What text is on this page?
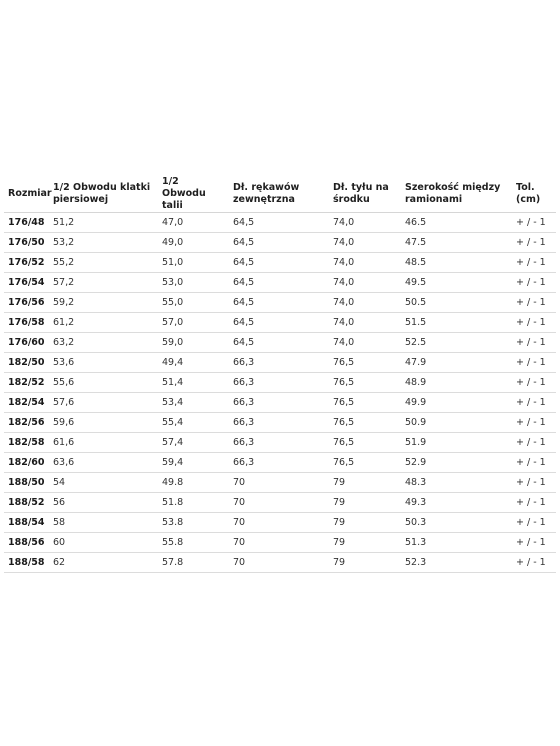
Rozmiar	1/2 Obwodu klatki piersiowej	1/2 Obwodu talii	Dł. rękawów zewnętrzna	Dł. tyłu na środku	Szerokość między ramionami	Tol. (cm)
176/48	51,2	47,0	64,5	74,0	46.5	+ / - 1
176/50	53,2	49,0	64,5	74,0	47.5	+ / - 1
176/52	55,2	51,0	64,5	74,0	48.5	+ / - 1
176/54	57,2	53,0	64,5	74,0	49.5	+ / - 1
176/56	59,2	55,0	64,5	74,0	50.5	+ / - 1
176/58	61,2	57,0	64,5	74,0	51.5	+ / - 1
176/60	63,2	59,0	64,5	74,0	52.5	+ / - 1
182/50	53,6	49,4	66,3	76,5	47.9	+ / - 1
182/52	55,6	51,4	66,3	76,5	48.9	+ / - 1
182/54	57,6	53,4	66,3	76,5	49.9	+ / - 1
182/56	59,6	55,4	66,3	76,5	50.9	+ / - 1
182/58	61,6	57,4	66,3	76,5	51.9	+ / - 1
182/60	63,6	59,4	66,3	76,5	52.9	+ / - 1
188/50	54	49.8	70	79	48.3	+ / - 1
188/52	56	51.8	70	79	49.3	+ / - 1
188/54	58	53.8	70	79	50.3	+ / - 1
188/56	60	55.8	70	79	51.3	+ / - 1
188/58	62	57.8	70	79	52.3	+ / - 1
